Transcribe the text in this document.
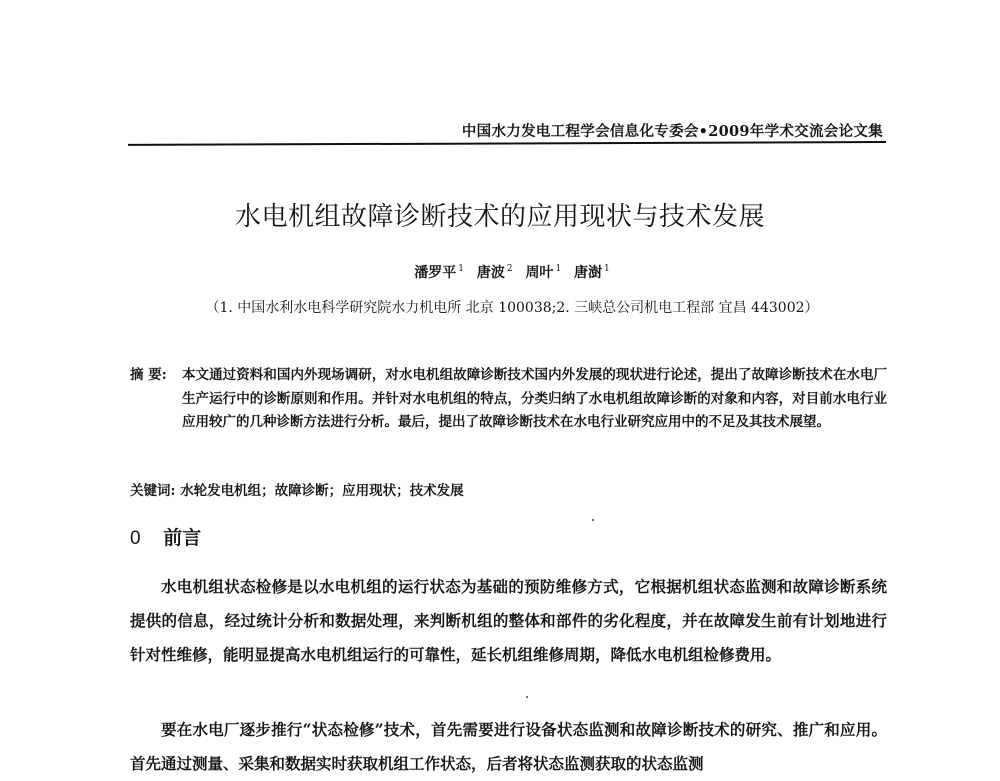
中国水力发电工程学会信息化专委会•2009年学术交流会论文集
水电机组故障诊断技术的应用现状与技术发展
潘罗平 $^1$ 唐波 $^2$ 周叶 $^1$ 唐澍 $^1$
（1. 中国水利水电科学研究院水力机电所 北京 100038;2. 三峡总公司机电工程部 宜昌 443002）
摘 要: 本文通过资料和国内外现场调研，对水电机组故障诊断技术国内外发展的现状进行论述，提出了故障诊断技术在水电厂生产运行中的诊断原则和作用。并针对水电机组的特点，分类归纳了水电机组故障诊断的对象和内容，对目前水电行业应用较广的几种诊断方法进行分析。最后，提出了故障诊断技术在水电行业研究应用中的不足及其技术展望。
关键词: 水轮发电机组；故障诊断；应用现状；技术发展
0 前言

水电机组状态检修是以水电机组的运行状态为基础的预防维修方式，它根据机组状态监测和故障诊断系统提供的信息，经过统计分析和数据处理，来判断机组的整体和部件的劣化程度，并在故障发生前有计划地进行针对性维修，能明显提高水电机组运行的可靠性，延长机组维修周期，降低水电机组检修费用。

要在水电厂逐步推行“状态检修”技术，首先需要进行设备状态监测和故障诊断技术的研究、推广和应用。首先通过测量、采集和数据实时获取机组工作状态，后者将状态监测获取的状态监测
